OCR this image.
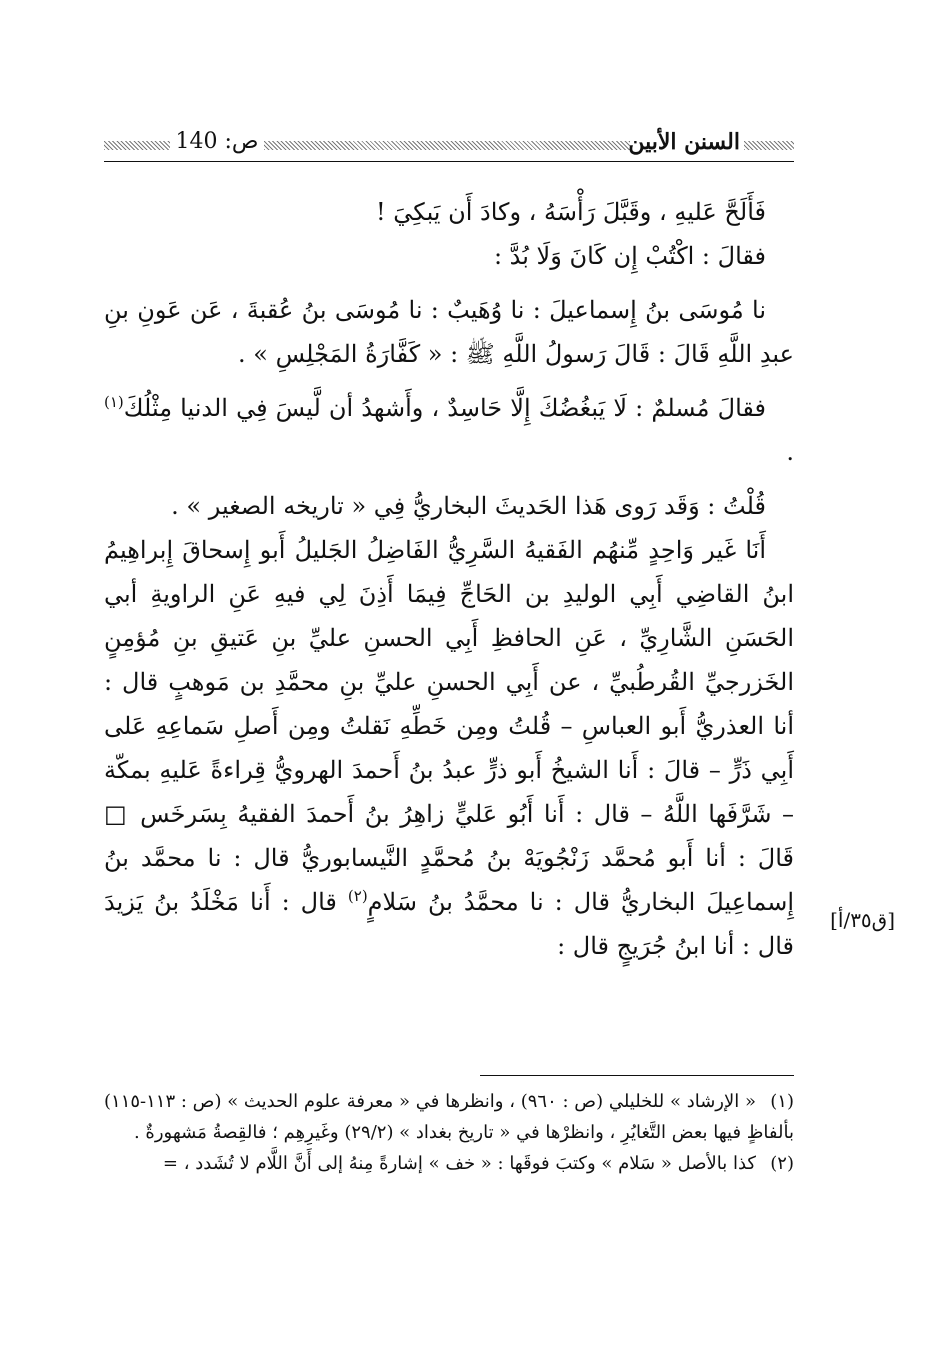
ص: 140	السنن الأبين

فَأَلَحَّ عَليهِ ، وقَبَّلَ رَأْسَهُ ، وكادَ أَن يَبكِيَ !

فقالَ : اكْتُبْ إِن كَانَ وَلَا بُدَّ :

نا مُوسَى بنُ إِسماعيلَ : نا وُهَيبٌ : نا مُوسَى بنُ عُقبةَ ، عَن عَونِ بنِ عبدِ اللَّهِ قَالَ : قَالَ رَسولُ اللَّهِ ﷺ : « كَفَّارَةُ المَجْلِسِ » .

فقالَ مُسلمٌ : لَا يَبغُضُكَ إِلَّا حَاسِدٌ ، وأَشهدُ أن لَّيسَ فِي الدنيا مِثْلُكَ$^{(١)}$ .

قُلْتُ : وَقَد رَوى هَذا الحَديثَ البخاريُّ فِي « تاريخه الصغير » .

أَنَا غَير وَاحِدٍ مِّنهُم الفَقيهُ السَّرِيُّ الفَاضِلُ الجَليلُ أَبو إِسحاقَ إِبراهِيمُ ابنُ القاضِي أَبِي الوليدِ بن الحَاجِّ فِيمَا أَذِنَ لِي فيهِ عَنِ الراويةِ أبي الحَسَنِ الشَّارِيِّ ، عَنِ الحافظِ أَبِي الحسنِ عليِّ بنِ عَتيقِ بنِ مُؤمِنٍ الخَزرجيِّ القُرطُبيِّ ، عن أَبِي الحسنِ عليِّ بنِ محمَّدِ بن مَوهبٍ قال : أنا العذريُّ أَبو العباسِ – قُلتُ ومِن خَطِّهِ نَقلتُ ومِن أَصلِ سَماعِهِ عَلى أَبِي ذَرٍّ – قالَ : أَنا الشيخُ أَبو ذرٍّ عبدُ بنُ أَحمدَ الهرويُّ قِراءةً عَليهِ بمكّة – شَرَّفَها اللَّهُ – قال : أَنا أَبُو عَليٍّ زاهِرُ بنُ أَحمدَ الفقيهُ بِسَرخَس □ قَالَ : أنا أَبو مُحمَّد زَنْجُويَهْ بنُ مُحمَّدٍ النَّيسابوريُّ قال : نا محمَّد بنُ إِسماعِيلَ البخاريُّ قال : نا محمَّدُ بنُ سَلامٍ$^{(٢)}$ قال : أَنا مَخْلَدُ بنُ يَزيدَ قال : أنا ابنُ جُرَيجٍ قال :

[ق٣٥/أ]

(١)« الإرشاد » للخليلي (ص : ٩٦٠) ، وانظرها في « معرفة علوم الحديث » (ص : ١١٣-١١٥) بألفاظٍ فيها بعض التَّغايُرِ ، وانظرْها في « تاريخ بغداد » (٢٩/٢) وغَيرِهِم ؛ فالقِصةُ مَشهورةٌ .

(٢)كذا بالأصل « سَلام » وكتبَ فوقَها : « خف » إشارةً مِنهُ إلى أَنَّ اللَّام لا تُشَدد ، =
